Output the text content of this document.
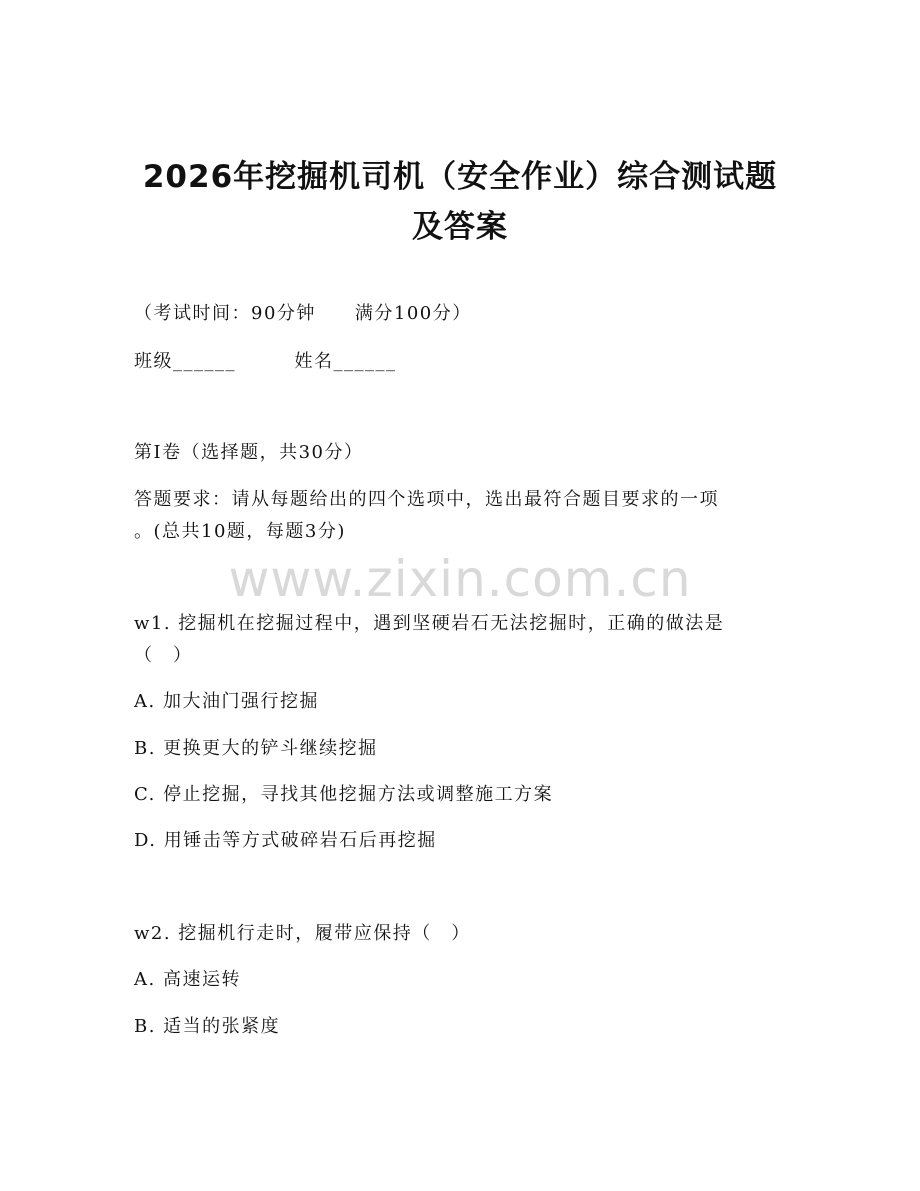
2026年挖掘机司机（安全作业）综合测试题
及答案
（考试时间：90分钟　　满分100分）
班级______　　　姓名______
第Ⅰ卷（选择题，共30分）
答题要求：请从每题给出的四个选项中，选出最符合题目要求的一项
。(总共10题，每题3分)
www.zixin.com.cn
w1. 挖掘机在挖掘过程中，遇到坚硬岩石无法挖掘时，正确的做法是
（　）
A. 加大油门强行挖掘
B. 更换更大的铲斗继续挖掘
C. 停止挖掘，寻找其他挖掘方法或调整施工方案
D. 用锤击等方式破碎岩石后再挖掘
w2. 挖掘机行走时，履带应保持（　）
A. 高速运转
B. 适当的张紧度
